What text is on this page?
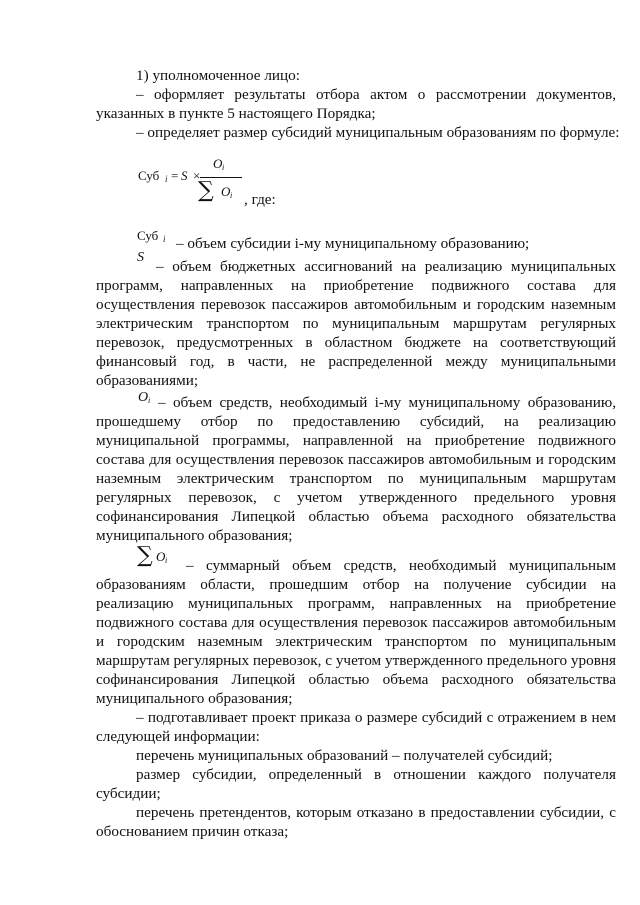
1) уполномоченное лицо:
– оформляет результаты отбора актом о рассмотрении документов,
указанных в пункте 5 настоящего Порядка;
– определяет размер субсидий муниципальным образованиям по формуле:
Суб i = S ×
O i
∑ O i , где:
Суб i – объем субсидии i-му муниципальному образованию;
S
– объем бюджетных ассигнований на реализацию муниципальных
программ, направленных на приобретение подвижного состава для
осуществления перевозок пассажиров автомобильным и городским наземным
электрическим транспортом по муниципальным маршрутам регулярных
перевозок, предусмотренных в областном бюджете на соответствующий
финансовый год, в части, не распределенной между муниципальными
образованиями;
O i – объем средств, необходимый i-му муниципальному образованию,
прошедшему отбор по предоставлению субсидий, на реализацию
муниципальной программы, направленной на приобретение подвижного
состава для осуществления перевозок пассажиров автомобильным и городским
наземным электрическим транспортом по муниципальным маршрутам
регулярных перевозок, с учетом утвержденного предельного уровня
софинансирования Липецкой областью объема расходного обязательства
муниципального образования;
∑ O i – суммарный объем средств, необходимый муниципальным
образованиям области, прошедшим отбор на получение субсидии на
реализацию муниципальных программ, направленных на приобретение
подвижного состава для осуществления перевозок пассажиров автомобильным
и городским наземным электрическим транспортом по муниципальным
маршрутам регулярных перевозок, с учетом утвержденного предельного уровня
софинансирования Липецкой областью объема расходного обязательства
муниципального образования;
– подготавливает проект приказа о размере субсидий с отражением в нем
следующей информации:
перечень муниципальных образований – получателей субсидий;
размер субсидии, определенный в отношении каждого получателя
субсидии;
перечень претендентов, которым отказано в предоставлении субсидии, с
обоснованием причин отказа;
